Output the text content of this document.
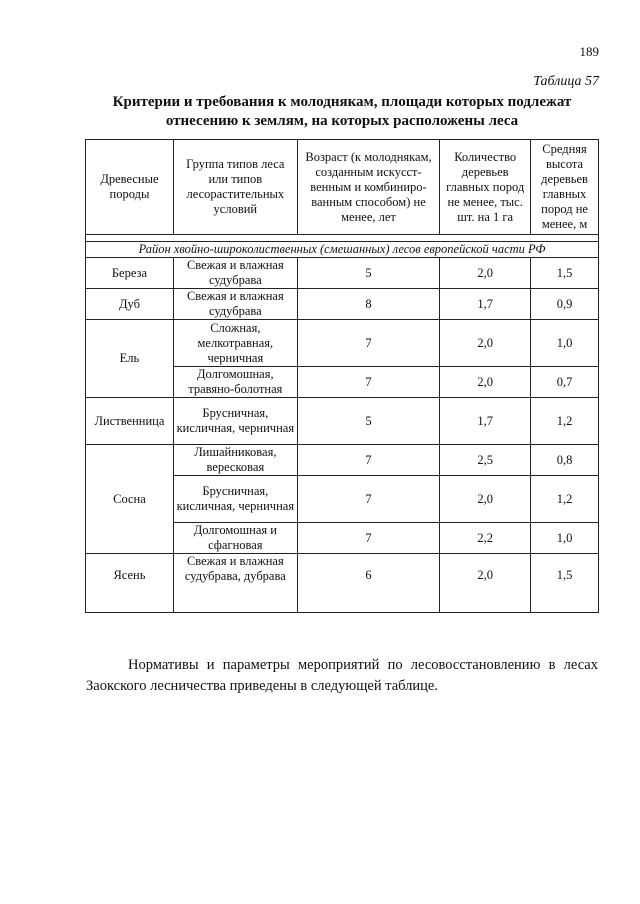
189
Таблица 57
Критерии и требования к молоднякам, площади которых подлежат
отнесению к землям, на которых расположены леса
Древесные породы	Группа типов леса или типов лесорастительных условий	Возраст (к молоднякам, созданным искусст-венным и комбиниро-ванным способом) не менее, лет	Количество деревьев главных пород не менее, тыс. шт. на 1 га	Средняя высота деревьев главных пород не менее, м

Район хвойно-широколиственных (смешанных) лесов европейской части РФ				
Береза	Свежая и влажная судубрава	5	2,0	1,5
Дуб	Свежая и влажная судубрава	8	1,7	0,9
Ель	Сложная, мелкотравная, черничная	7	2,0	1,0
	Долгомошная, травяно-болотная	7	2,0	0,7
Лиственница	Брусничная, кисличная, черничная	5	1,7	1,2
Сосна	Лишайниковая, вересковая	7	2,5	0,8
	Брусничная, кисличная, черничная	7	2,0	1,2
	Долгомошная и сфагновая	7	2,2	1,0
Ясень	Свежая и влажная судубрава, дубрава	6	2,0	1,5

Нормативы и параметры мероприятий по лесовосстановлению в лесах Заокского лесничества приведены в следующей таблице.
